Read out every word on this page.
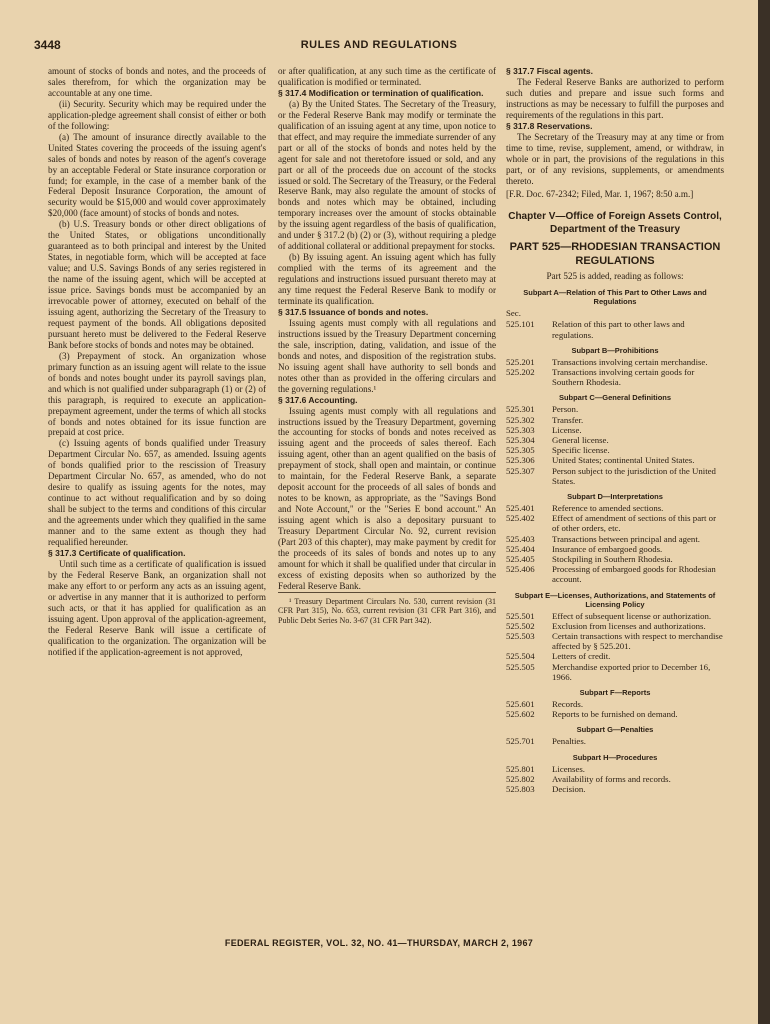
3448	RULES AND REGULATIONS

amount of stocks of bonds and notes, and the proceeds of sales therefrom, for which the organization may be accountable at any one time.

(ii) Security. Security which may be required under the application-pledge agreement shall consist of either or both of the following:

(a) The amount of insurance directly available to the United States covering the proceeds of the issuing agent's sales of bonds and notes by reason of the agent's coverage by an acceptable Federal or State insurance corporation or fund; for example, in the case of a member bank of the Federal Deposit Insurance Corporation, the amount of security would be $15,000 and would cover approximately $20,000 (face amount) of stocks of bonds and notes.

(b) U.S. Treasury bonds or other direct obligations of the United States, or obligations unconditionally guaranteed as to both principal and interest by the United States, in negotiable form, which will be accepted at face value; and U.S. Savings Bonds of any series registered in the name of the issuing agent, which will be accepted at issue price. Savings bonds must be accompanied by an irrevocable power of attorney, executed on behalf of the issuing agent, authorizing the Secretary of the Treasury to request payment of the bonds. All obligations deposited pursuant hereto must be delivered to the Federal Reserve Bank before stocks of bonds and notes may be obtained.

(3) Prepayment of stock. An organization whose primary function as an issuing agent will relate to the issue of bonds and notes bought under its payroll savings plan, and which is not qualified under subparagraph (1) or (2) of this paragraph, is required to execute an application-prepayment agreement, under the terms of which all stocks of bonds and notes obtained for its issue function are prepaid at cost price.

(c) Issuing agents of bonds qualified under Treasury Department Circular No. 657, as amended. Issuing agents of bonds qualified prior to the rescission of Treasury Department Circular No. 657, as amended, who do not desire to qualify as issuing agents for the notes, may continue to act without requalification and by so doing shall be subject to the terms and conditions of this circular and the agreements under which they qualified in the same manner and to the same extent as though they had requalified hereunder.

§ 317.3 Certificate of qualification.

Until such time as a certificate of qualification is issued by the Federal Reserve Bank, an organization shall not make any effort to or perform any acts as an issuing agent, or advertise in any manner that it is authorized to perform such acts, or that it has applied for qualification as an issuing agent. Upon approval of the application-agreement, the Federal Reserve Bank will issue a certificate of qualification to the organization. The organization will be notified if the application-agreement is not approved,

or after qualification, at any such time as the certificate of qualification is modified or terminated.

§ 317.4 Modification or termination of qualification.

(a) By the United States. The Secretary of the Treasury, or the Federal Reserve Bank may modify or terminate the qualification of an issuing agent at any time, upon notice to that effect, and may require the immediate surrender of any part or all of the stocks of bonds and notes held by the agent for sale and not theretofore issued or sold, and any part or all of the proceeds due on account of the stocks issued or sold. The Secretary of the Treasury, or the Federal Reserve Bank, may also regulate the amount of stocks of bonds and notes which may be obtained, including temporary increases over the amount of stocks obtainable by the issuing agent regardless of the basis of qualification, and under § 317.2 (b) (2) or (3), without requiring a pledge of additional collateral or additional prepayment for stocks.

(b) By issuing agent. An issuing agent which has fully complied with the terms of its agreement and the regulations and instructions issued pursuant thereto may at any time request the Federal Reserve Bank to modify or terminate its qualification.

§ 317.5 Issuance of bonds and notes.

Issuing agents must comply with all regulations and instructions issued by the Treasury Department concerning the sale, inscription, dating, validation, and issue of the bonds and notes, and disposition of the registration stubs. No issuing agent shall have authority to sell bonds and notes other than as provided in the offering circulars and the governing regulations.¹

§ 317.6 Accounting.

Issuing agents must comply with all regulations and instructions issued by the Treasury Department, governing the accounting for stocks of bonds and notes received as issuing agent and the proceeds of sales thereof. Each issuing agent, other than an agent qualified on the basis of prepayment of stock, shall open and maintain, or continue to maintain, for the Federal Reserve Bank, a separate deposit account for the proceeds of all sales of bonds and notes to be known, as appropriate, as the "Savings Bond and Note Account," or the "Series E bond account." An issuing agent which is also a depositary pursuant to Treasury Department Circular No. 92, current revision (Part 203 of this chapter), may make payment by credit for the proceeds of its sales of bonds and notes up to any amount for which it shall be qualified under that circular in excess of existing deposits when so authorized by the Federal Reserve Bank.

¹ Treasury Department Circulars No. 530, current revision (31 CFR Part 315), No. 653, current revision (31 CFR Part 316), and Public Debt Series No. 3-67 (31 CFR Part 342).

§ 317.7 Fiscal agents.

The Federal Reserve Banks are authorized to perform such duties and prepare and issue such forms and instructions as may be necessary to fulfill the purposes and requirements of the regulations in this part.

§ 317.8 Reservations.

The Secretary of the Treasury may at any time or from time to time, revise, supplement, amend, or withdraw, in whole or in part, the provisions of the regulations in this part, or of any revisions, supplements, or amendments thereto.

[F.R. Doc. 67-2342; Filed, Mar. 1, 1967; 8:50 a.m.]

Chapter V—Office of Foreign Assets Control, Department of the Treasury
PART 525—RHODESIAN TRANSACTION REGULATIONS

Part 525 is added, reading as follows:

Subpart A—Relation of This Part to Other Laws and Regulations
Sec.
525.101	Relation of this part to other laws and regulations.
Subpart B—Prohibitions
525.201	Transactions involving certain merchandise.
525.202	Transactions involving certain goods for Southern Rhodesia.
Subpart C—General Definitions
525.301	Person.
525.302	Transfer.
525.303	License.
525.304	General license.
525.305	Specific license.
525.306	United States; continental United States.
525.307	Person subject to the jurisdiction of the United States.
Subpart D—Interpretations
525.401	Reference to amended sections.
525.402	Effect of amendment of sections of this part or of other orders, etc.
525.403	Transactions between principal and agent.
525.404	Insurance of embargoed goods.
525.405	Stockpiling in Southern Rhodesia.
525.406	Processing of embargoed goods for Rhodesian account.
Subpart E—Licenses, Authorizations, and Statements of Licensing Policy
525.501	Effect of subsequent license or authorization.
525.502	Exclusion from licenses and authorizations.
525.503	Certain transactions with respect to merchandise affected by § 525.201.
525.504	Letters of credit.
525.505	Merchandise exported prior to December 16, 1966.
Subpart F—Reports
525.601	Records.
525.602	Reports to be furnished on demand.
Subpart G—Penalties
525.701	Penalties.
Subpart H—Procedures
525.801	Licenses.
525.802	Availability of forms and records.
525.803	Decision.
FEDERAL REGISTER, VOL. 32, NO. 41—THURSDAY, MARCH 2, 1967
